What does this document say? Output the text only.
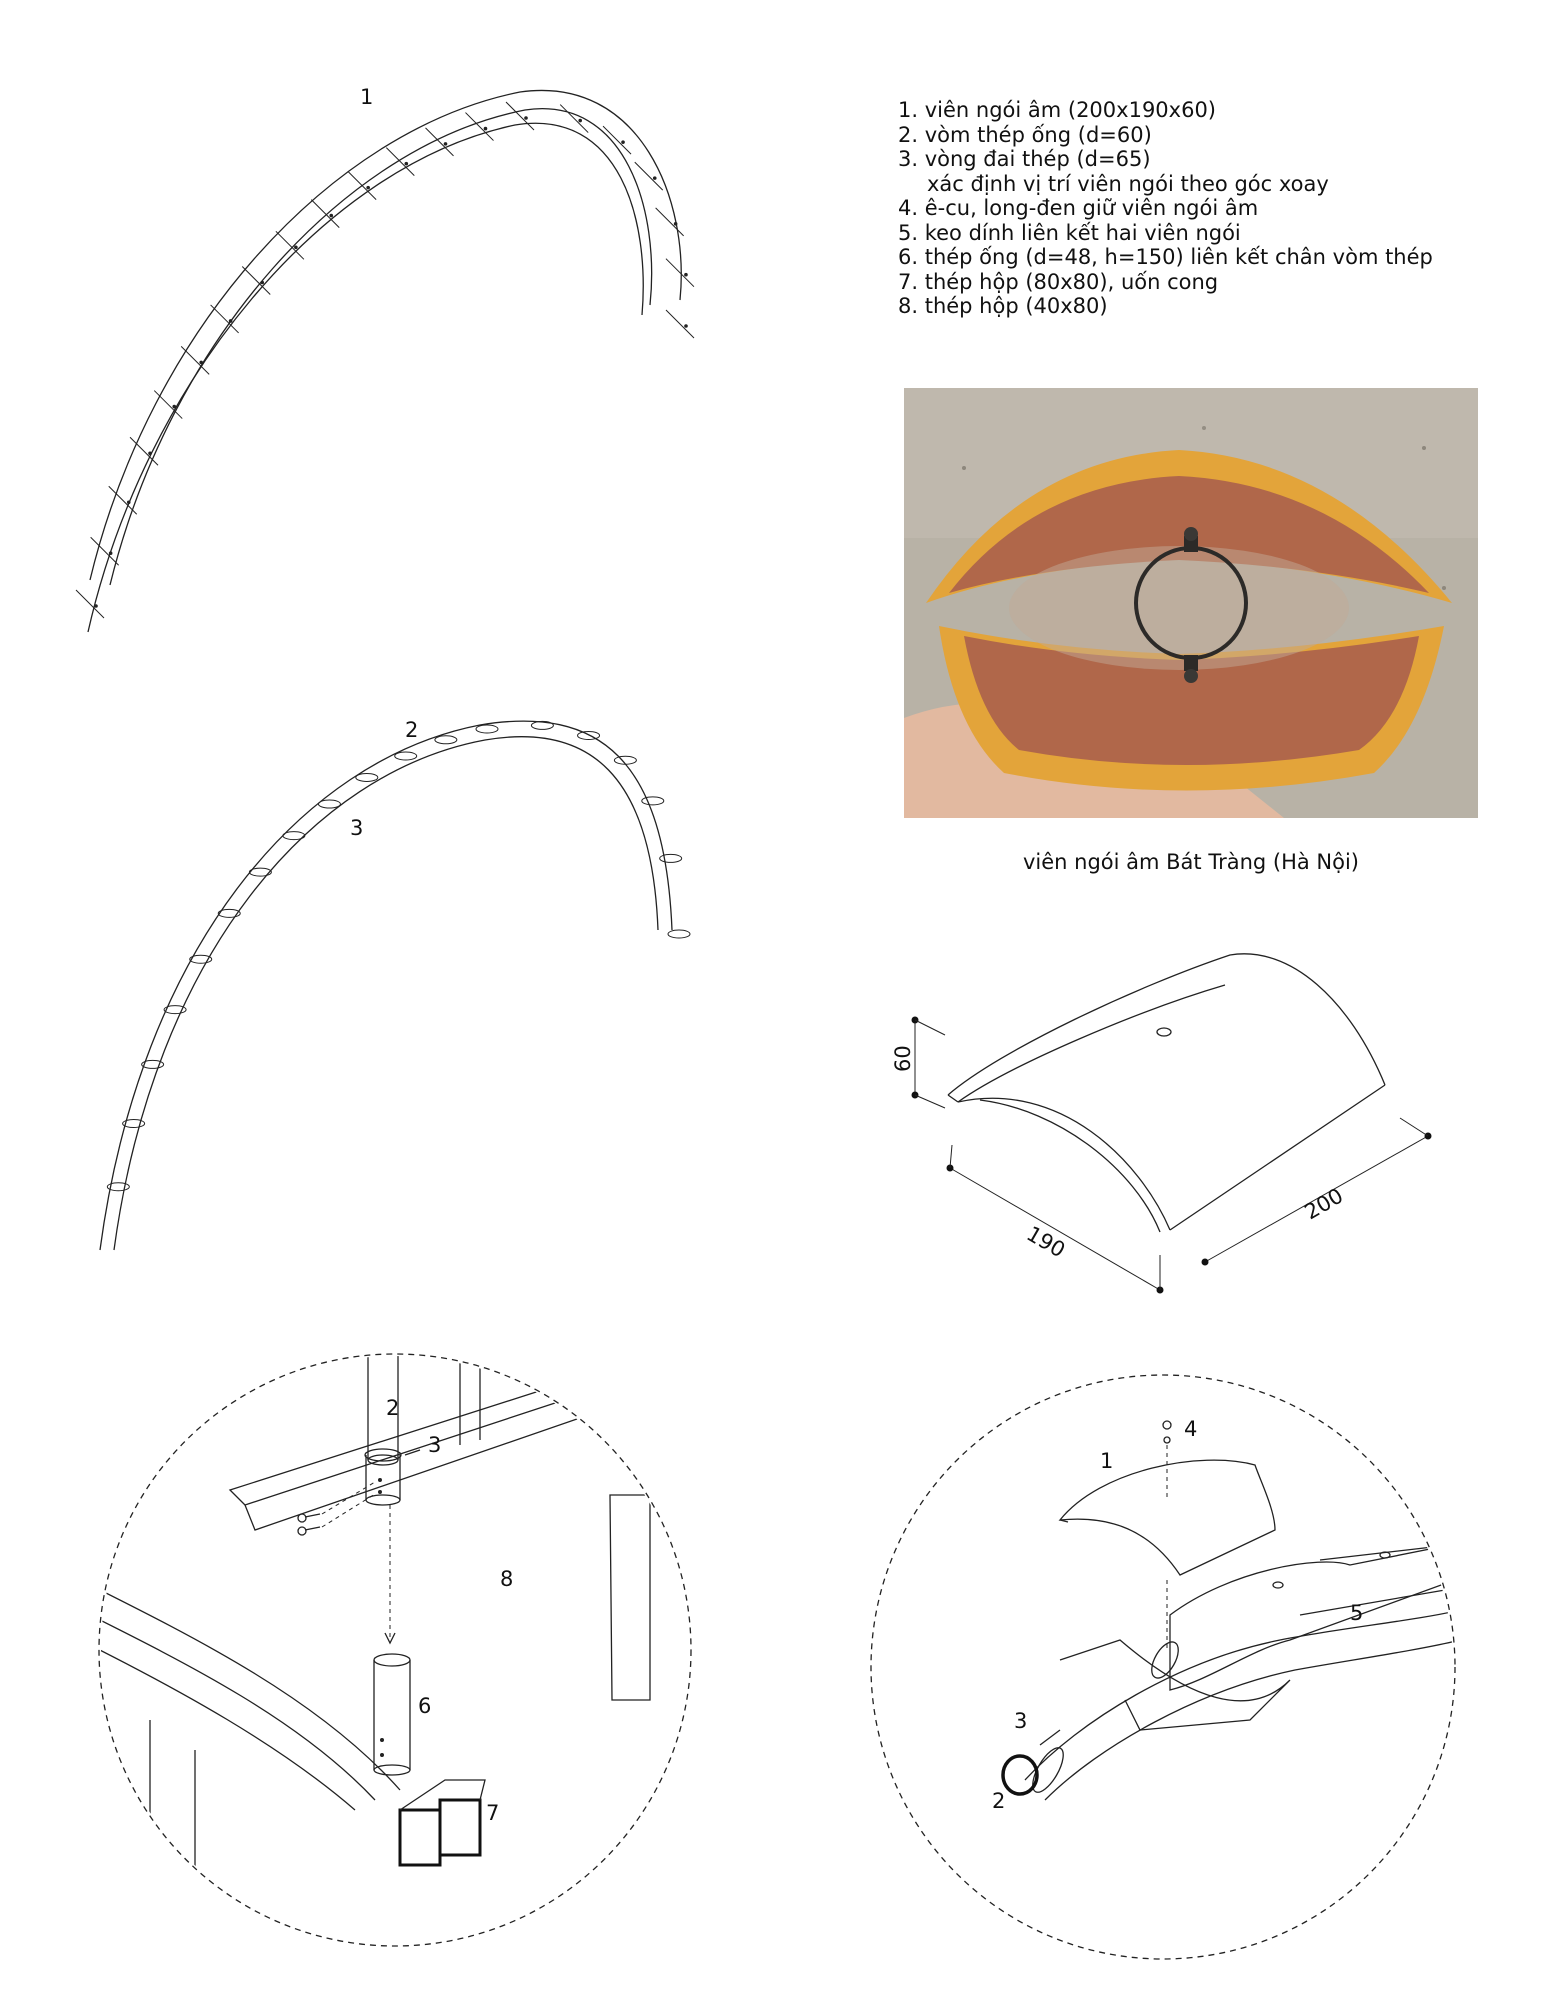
1. viên ngói âm (200x190x60)
2. vòm thép ống (d=60)
3. vòng đai thép (d=65)
xác định vị trí viên ngói theo góc xoay
4. ê-cu, long-đen giữ viên ngói âm
5. keo dính liên kết hai viên ngói
6. thép ống (d=48, h=150) liên kết chân vòm thép
7. thép hộp (80x80), uốn cong
8. thép hộp (40x80)
viên ngói âm Bát Tràng (Hà Nội)
1
2
3
60
190
200
2
3
8
6
7
1
4
5
3
2
